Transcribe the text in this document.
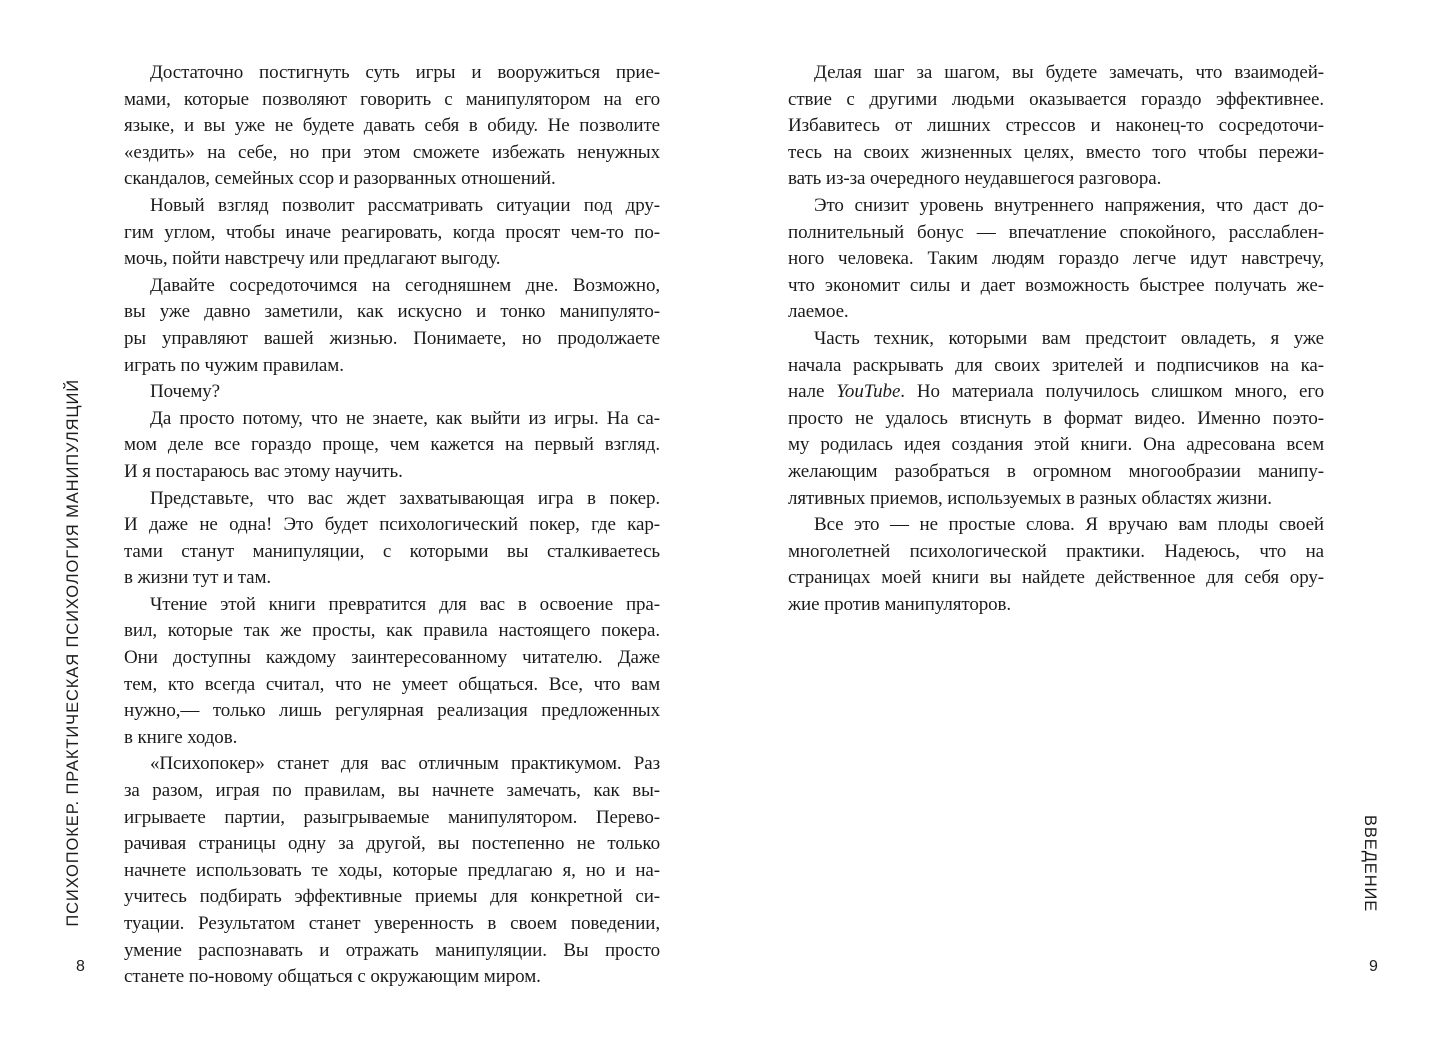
ПСИХОПОКЕР. ПРАКТИЧЕСКАЯ ПСИХОЛОГИЯ МАНИПУЛЯЦИЙ
Достаточно постигнуть суть игры и вооружиться прие-
мами, которые позволяют говорить с манипулятором на его
языке, и вы уже не будете давать себя в обиду. Не позволите
«ездить» на себе, но при этом сможете избежать ненужных
скандалов, семейных ссор и разорванных отношений.
Новый взгляд позволит рассматривать ситуации под дру-
гим углом, чтобы иначе реагировать, когда просят чем-то по-
мочь, пойти навстречу или предлагают выгоду.
Давайте сосредоточимся на сегодняшнем дне. Возможно,
вы уже давно заметили, как искусно и тонко манипулято-
ры управляют вашей жизнью. Понимаете, но продолжаете
играть по чужим правилам.
Почему?
Да просто потому, что не знаете, как выйти из игры. На са-
мом деле все гораздо проще, чем кажется на первый взгляд.
И я постараюсь вас этому научить.
Представьте, что вас ждет захватывающая игра в покер.
И даже не одна! Это будет психологический покер, где кар-
тами станут манипуляции, с которыми вы сталкиваетесь
в жизни тут и там.
Чтение этой книги превратится для вас в освоение пра-
вил, которые так же просты, как правила настоящего покера.
Они доступны каждому заинтересованному читателю. Даже
тем, кто всегда считал, что не умеет общаться. Все, что вам
нужно,— только лишь регулярная реализация предложенных
в книге ходов.
«Психопокер» станет для вас отличным практикумом. Раз
за разом, играя по правилам, вы начнете замечать, как вы-
игрываете партии, разыгрываемые манипулятором. Перево-
рачивая страницы одну за другой, вы постепенно не только
начнете использовать те ходы, которые предлагаю я, но и на-
учитесь подбирать эффективные приемы для конкретной си-
туации. Результатом станет уверенность в своем поведении,
умение распознавать и отражать манипуляции. Вы просто
станете по-новому общаться с окружающим миром.
8
ВВЕДЕНИЕ
Делая шаг за шагом, вы будете замечать, что взаимодей-
ствие с другими людьми оказывается гораздо эффективнее.
Избавитесь от лишних стрессов и наконец-то сосредоточи-
тесь на своих жизненных целях, вместо того чтобы пережи-
вать из-за очередного неудавшегося разговора.
Это снизит уровень внутреннего напряжения, что даст до-
полнительный бонус — впечатление спокойного, расслаблен-
ного человека. Таким людям гораздо легче идут навстречу,
что экономит силы и дает возможность быстрее получать же-
лаемое.
Часть техник, которыми вам предстоит овладеть, я уже
начала раскрывать для своих зрителей и подписчиков на ка-
нале YouTube. Но материала получилось слишком много, его
просто не удалось втиснуть в формат видео. Именно поэто-
му родилась идея создания этой книги. Она адресована всем
желающим разобраться в огромном многообразии манипу-
лятивных приемов, используемых в разных областях жизни.
Все это — не простые слова. Я вручаю вам плоды своей
многолетней психологической практики. Надеюсь, что на
страницах моей книги вы найдете действенное для себя ору-
жие против манипуляторов.
9
